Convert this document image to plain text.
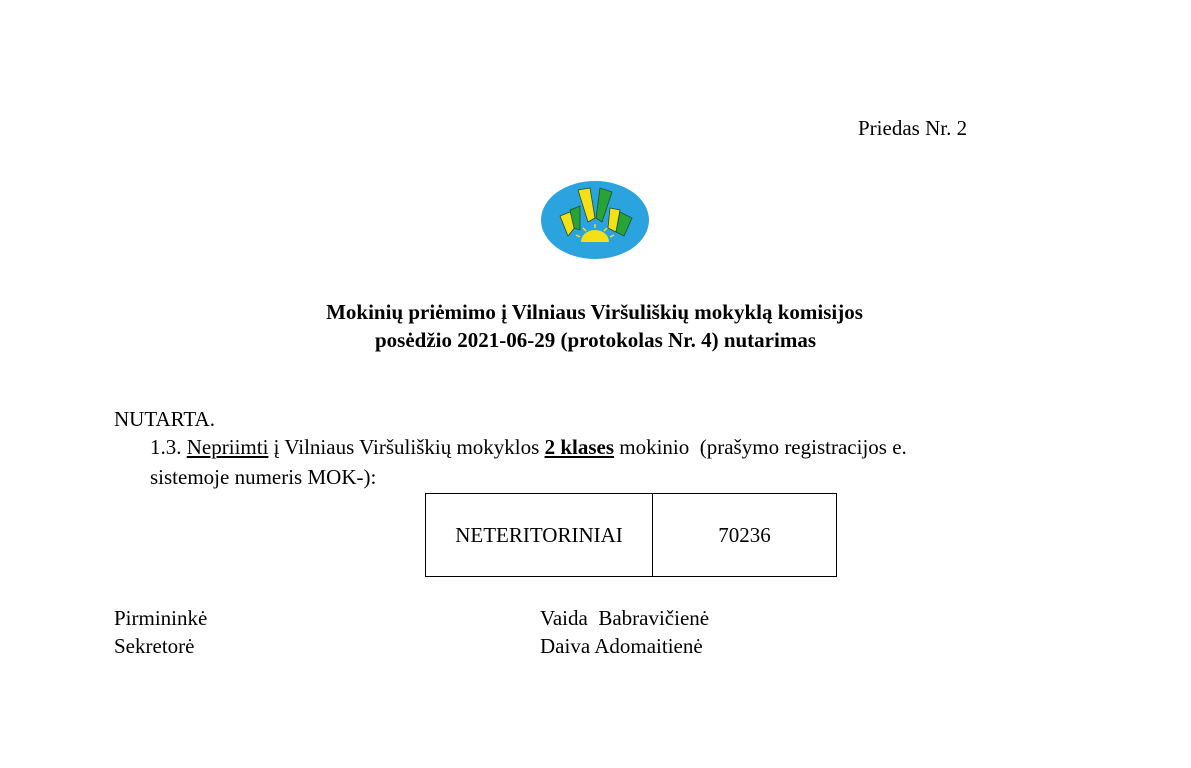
Priedas Nr. 2
Mokinių priėmimo į Vilniaus Viršuliškių mokyklą komisijos
posėdžio 2021-06-29 (protokolas Nr. 4) nutarimas
NUTARTA.
1.3. Nepriimti į Vilniaus Viršuliškių mokyklos 2 klases mokinio  (prašymo registracijos e.
sistemoje numeris MOK-):
NETERITORINIAI	70236
Pirmininkė	Vaida  Babravičienė
Sekretorė	Daiva Adomaitienė
